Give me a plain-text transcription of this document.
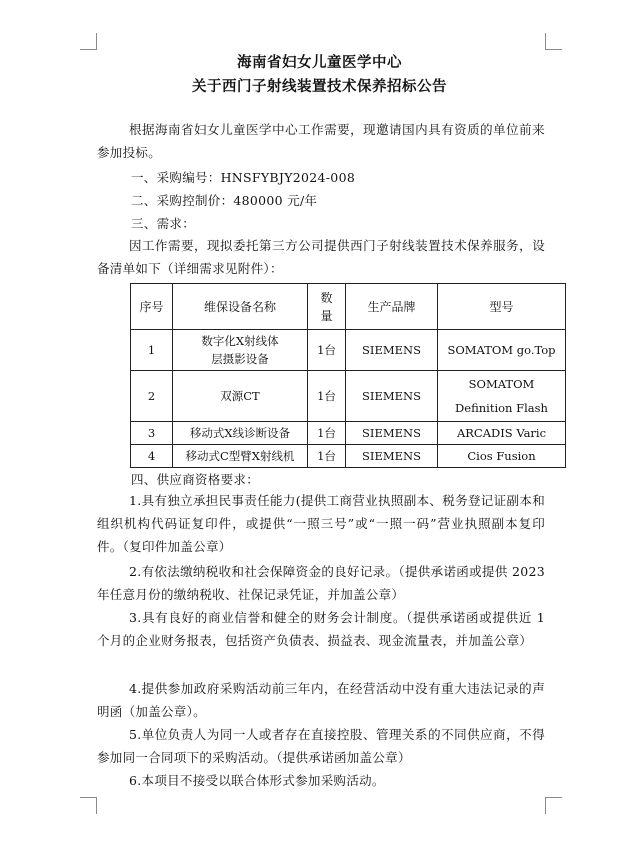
海南省妇女儿童医学中心
关于西门子射线装置技术保养招标公告

根据海南省妇女儿童医学中心工作需要，现邀请国内具有资质的单位前来参加投标。

一、采购编号：HNSFYBJY2024-008
二、采购控制价：480000 元/年
三、需求：

因工作需要，现拟委托第三方公司提供西门子射线装置技术保养服务，设备清单如下（详细需求见附件）：

序号	维保设备名称	数量	生产品牌	型号
1	数字化X射线体层摄影设备	1台	SIEMENS	SOMATOM go.Top
2	双源CT	1台	SIEMENS	SOMATOM Definition Flash

3	移动式X线诊断设备	1台	SIEMENS	ARCADIS Varic
4	移动式C型臂X射线机	1台	SIEMENS	Cios Fusion
四、供应商资格要求：

1.具有独立承担民事责任能力(提供工商营业执照副本、税务登记证副本和组织机构代码证复印件，或提供“一照三号”或“一照一码”营业执照副本复印件。（复印件加盖公章）

2.有依法缴纳税收和社会保障资金的良好记录。（提供承诺函或提供 2023 年任意月份的缴纳税收、社保记录凭证，并加盖公章）

3.具有良好的商业信誉和健全的财务会计制度。（提供承诺函或提供近 1 个月的企业财务报表，包括资产负债表、损益表、现金流量表，并加盖公章）

4.提供参加政府采购活动前三年内，在经营活动中没有重大违法记录的声明函（加盖公章）。

5.单位负责人为同一人或者存在直接控股、管理关系的不同供应商，不得参加同一合同项下的采购活动。（提供承诺函加盖公章）

6.本项目不接受以联合体形式参加采购活动。
